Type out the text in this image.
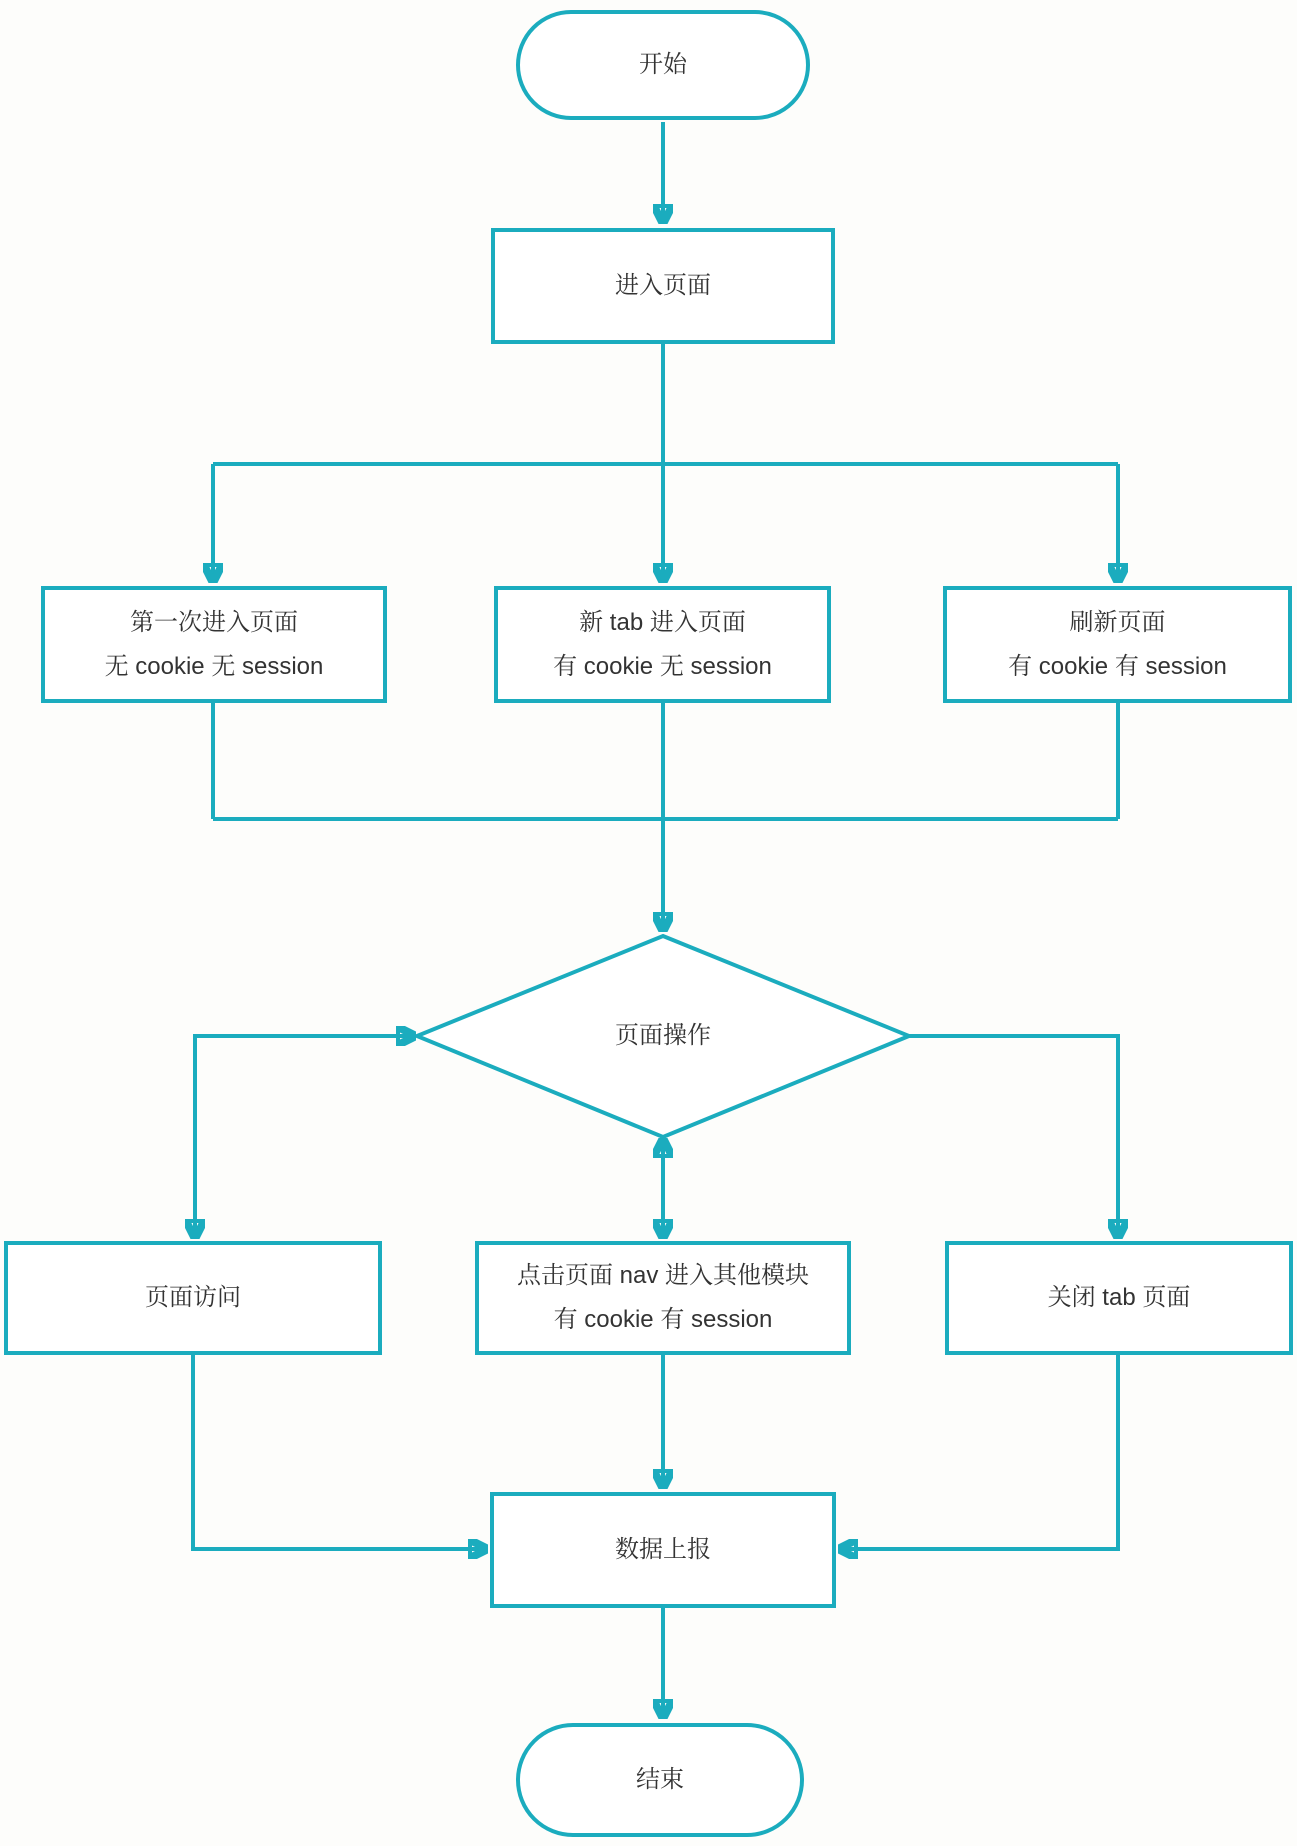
开始
进入页面
第一次进入页面
无 cookie 无 session
新 tab 进入页面
有 cookie 无 session
刷新页面
有 cookie 有 session
页面操作
页面访问
点击页面 nav 进入其他模块
有 cookie 有 session
关闭 tab 页面
数据上报
结束
